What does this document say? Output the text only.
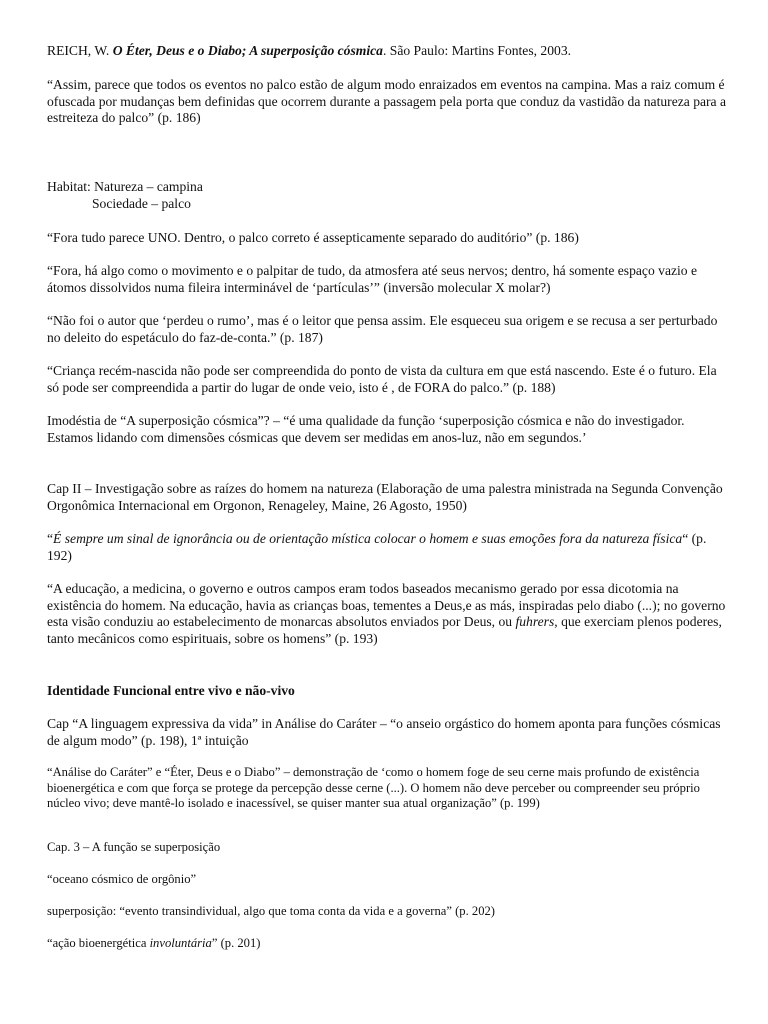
REICH, W. O Éter, Deus e o Diabo; A superposição cósmica. São Paulo: Martins Fontes, 2003.

“Assim, parece que todos os eventos no palco estão de algum modo enraizados em eventos na campina. Mas a raiz comum é ofuscada por mudanças bem definidas que ocorrem durante a passagem pela porta que conduz da vastidão da natureza para a estreiteza do palco” (p. 186)

Habitat: Natureza – campina

Sociedade – palco

“Fora tudo parece UNO. Dentro, o palco correto é assepticamente separado do auditório” (p. 186)

“Fora, há algo como o movimento e o palpitar de tudo, da atmosfera até seus nervos; dentro, há somente espaço vazio e átomos dissolvidos numa fileira interminável de ‘partículas’” (inversão molecular X molar?)

“Não foi o autor que ‘perdeu o rumo’, mas é o leitor que pensa assim. Ele esqueceu sua origem e se recusa a ser perturbado no deleito do espetáculo do faz-de-conta.” (p. 187)

“Criança recém-nascida não pode ser compreendida do ponto de vista da cultura em que está nascendo. Este é o futuro. Ela só pode ser compreendida a partir do lugar de onde veio, isto é , de FORA do palco.” (p. 188)

Imodéstia de “A superposição cósmica”? – “é uma qualidade da função ‘superposição cósmica e não do investigador. Estamos lidando com dimensões cósmicas que devem ser medidas em anos-luz, não em segundos.’

Cap II – Investigação sobre as raízes do homem na natureza (Elaboração de uma palestra ministrada na Segunda Convenção Orgonômica Internacional em Orgonon, Renageley, Maine, 26 Agosto, 1950)

“É sempre um sinal de ignorância ou de orientação mística colocar o homem e suas emoções fora da natureza física“ (p. 192)

“A educação, a medicina, o governo e outros campos eram todos baseados mecanismo gerado por essa dicotomia na existência do homem. Na educação, havia as crianças boas, tementes a Deus,e as más, inspiradas pelo diabo (...); no governo esta visão conduziu ao estabelecimento de monarcas absolutos enviados por Deus, ou fuhrers, que exerciam plenos poderes, tanto mecânicos como espirituais, sobre os homens” (p. 193)

Identidade Funcional entre vivo e não-vivo

Cap “A linguagem expressiva da vida” in Análise do Caráter – “o anseio orgástico do homem aponta para funções cósmicas de algum modo” (p. 198), 1ª intuição

“Análise do Caráter” e “Éter, Deus e o Diabo” – demonstração de ‘como o homem foge de seu cerne mais profundo de existência bioenergética e com que força se protege da percepção desse cerne (...). O homem não deve perceber ou compreender seu próprio núcleo vivo; deve mantê-lo isolado e inacessível, se quiser manter sua atual organização” (p. 199)

Cap. 3 – A função se superposição

“oceano cósmico de orgônio”

superposição: “evento transindividual, algo que toma conta da vida e a governa” (p. 202)

“ação bioenergética involuntária” (p. 201)
